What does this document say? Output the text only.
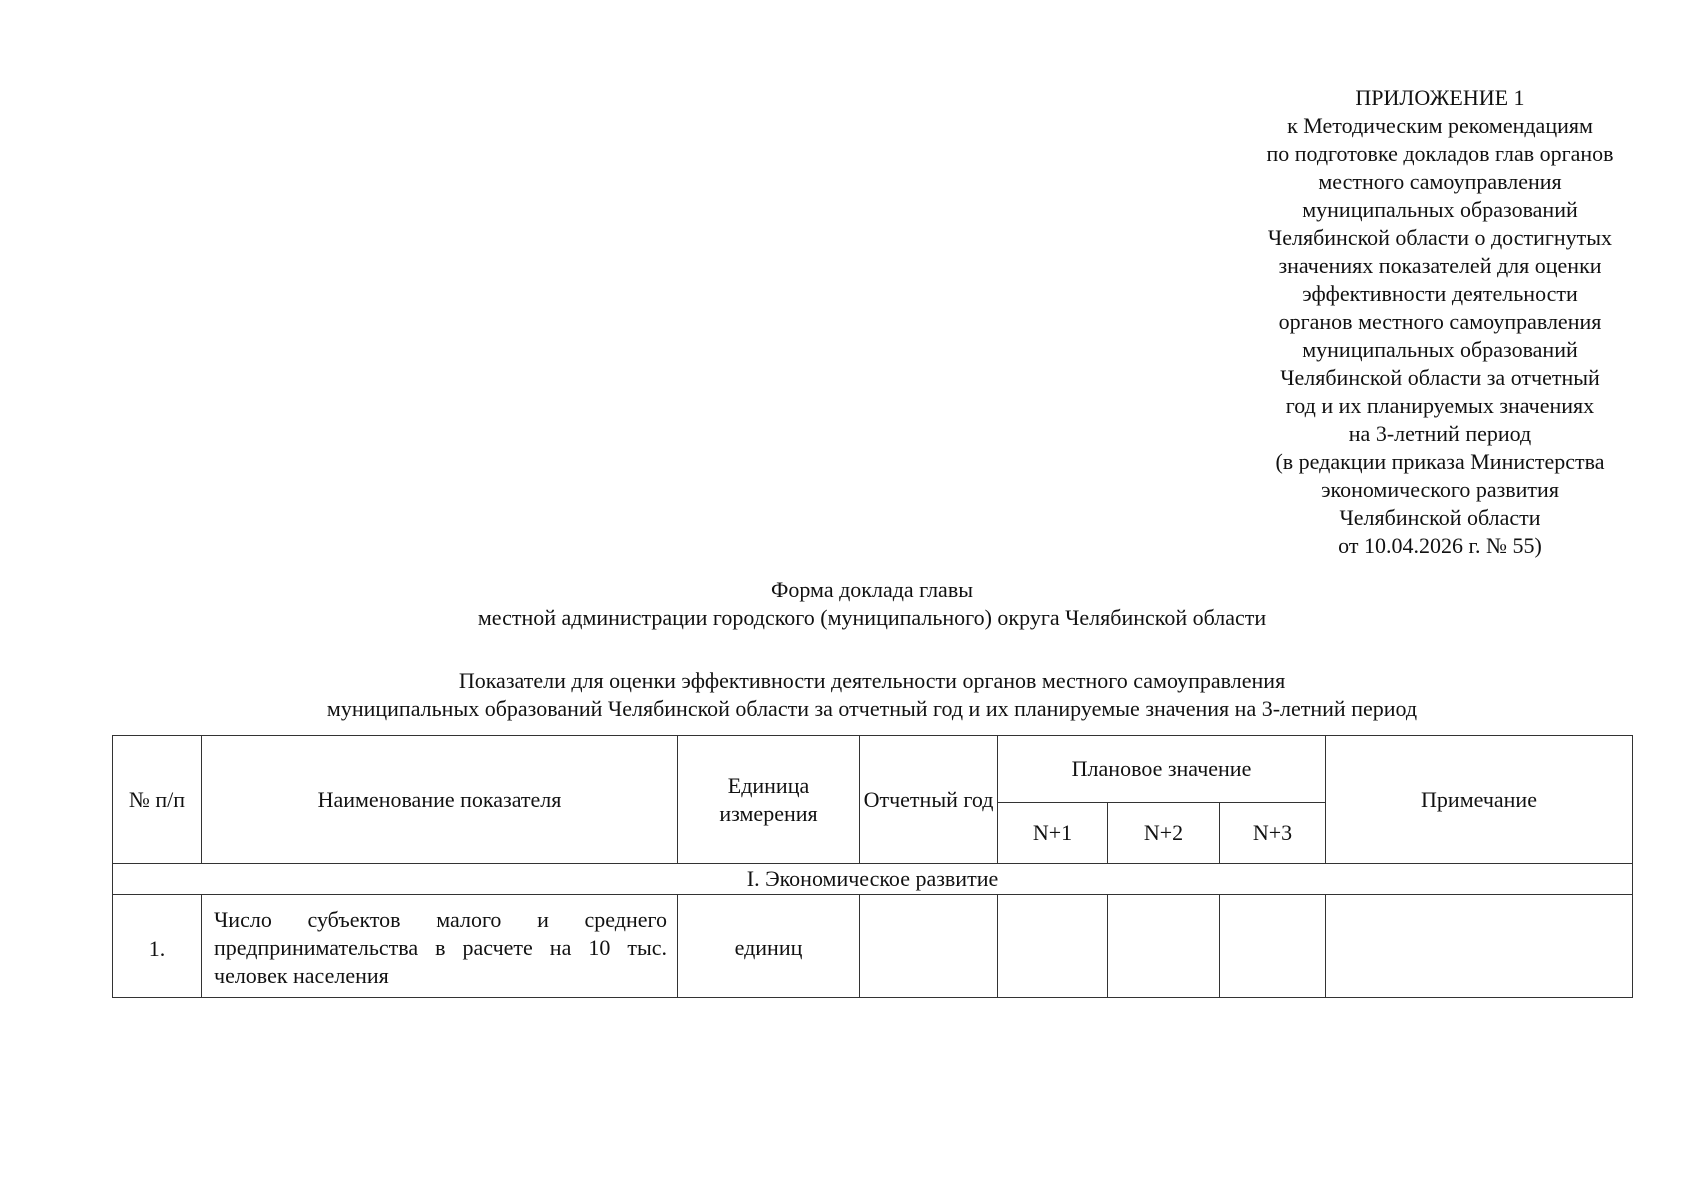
ПРИЛОЖЕНИЕ 1
к Методическим рекомендациям
по подготовке докладов глав органов
местного самоуправления
муниципальных образований
Челябинской области о достигнутых
значениях показателей для оценки
эффективности деятельности
органов местного самоуправления
муниципальных образований
Челябинской области за отчетный
год и их планируемых значениях
на 3-летний период
(в редакции приказа Министерства
экономического развития
Челябинской области
от 10.04.2026 г. № 55)
Форма доклада главы
местной администрации городского (муниципального) округа Челябинской области
Показатели для оценки эффективности деятельности органов местного самоуправления
муниципальных образований Челябинской области за отчетный год и их планируемые значения на 3-летний период
№ п/п	Наименование показателя	Единица измерения	Отчетный год	Плановое значение			Примечание
				N+1	N+2	N+3	
I. Экономическое развитие							
1.	Число субъектов малого и среднего предпринимательства в расчете на 10 тыс. человек населения	единиц					
